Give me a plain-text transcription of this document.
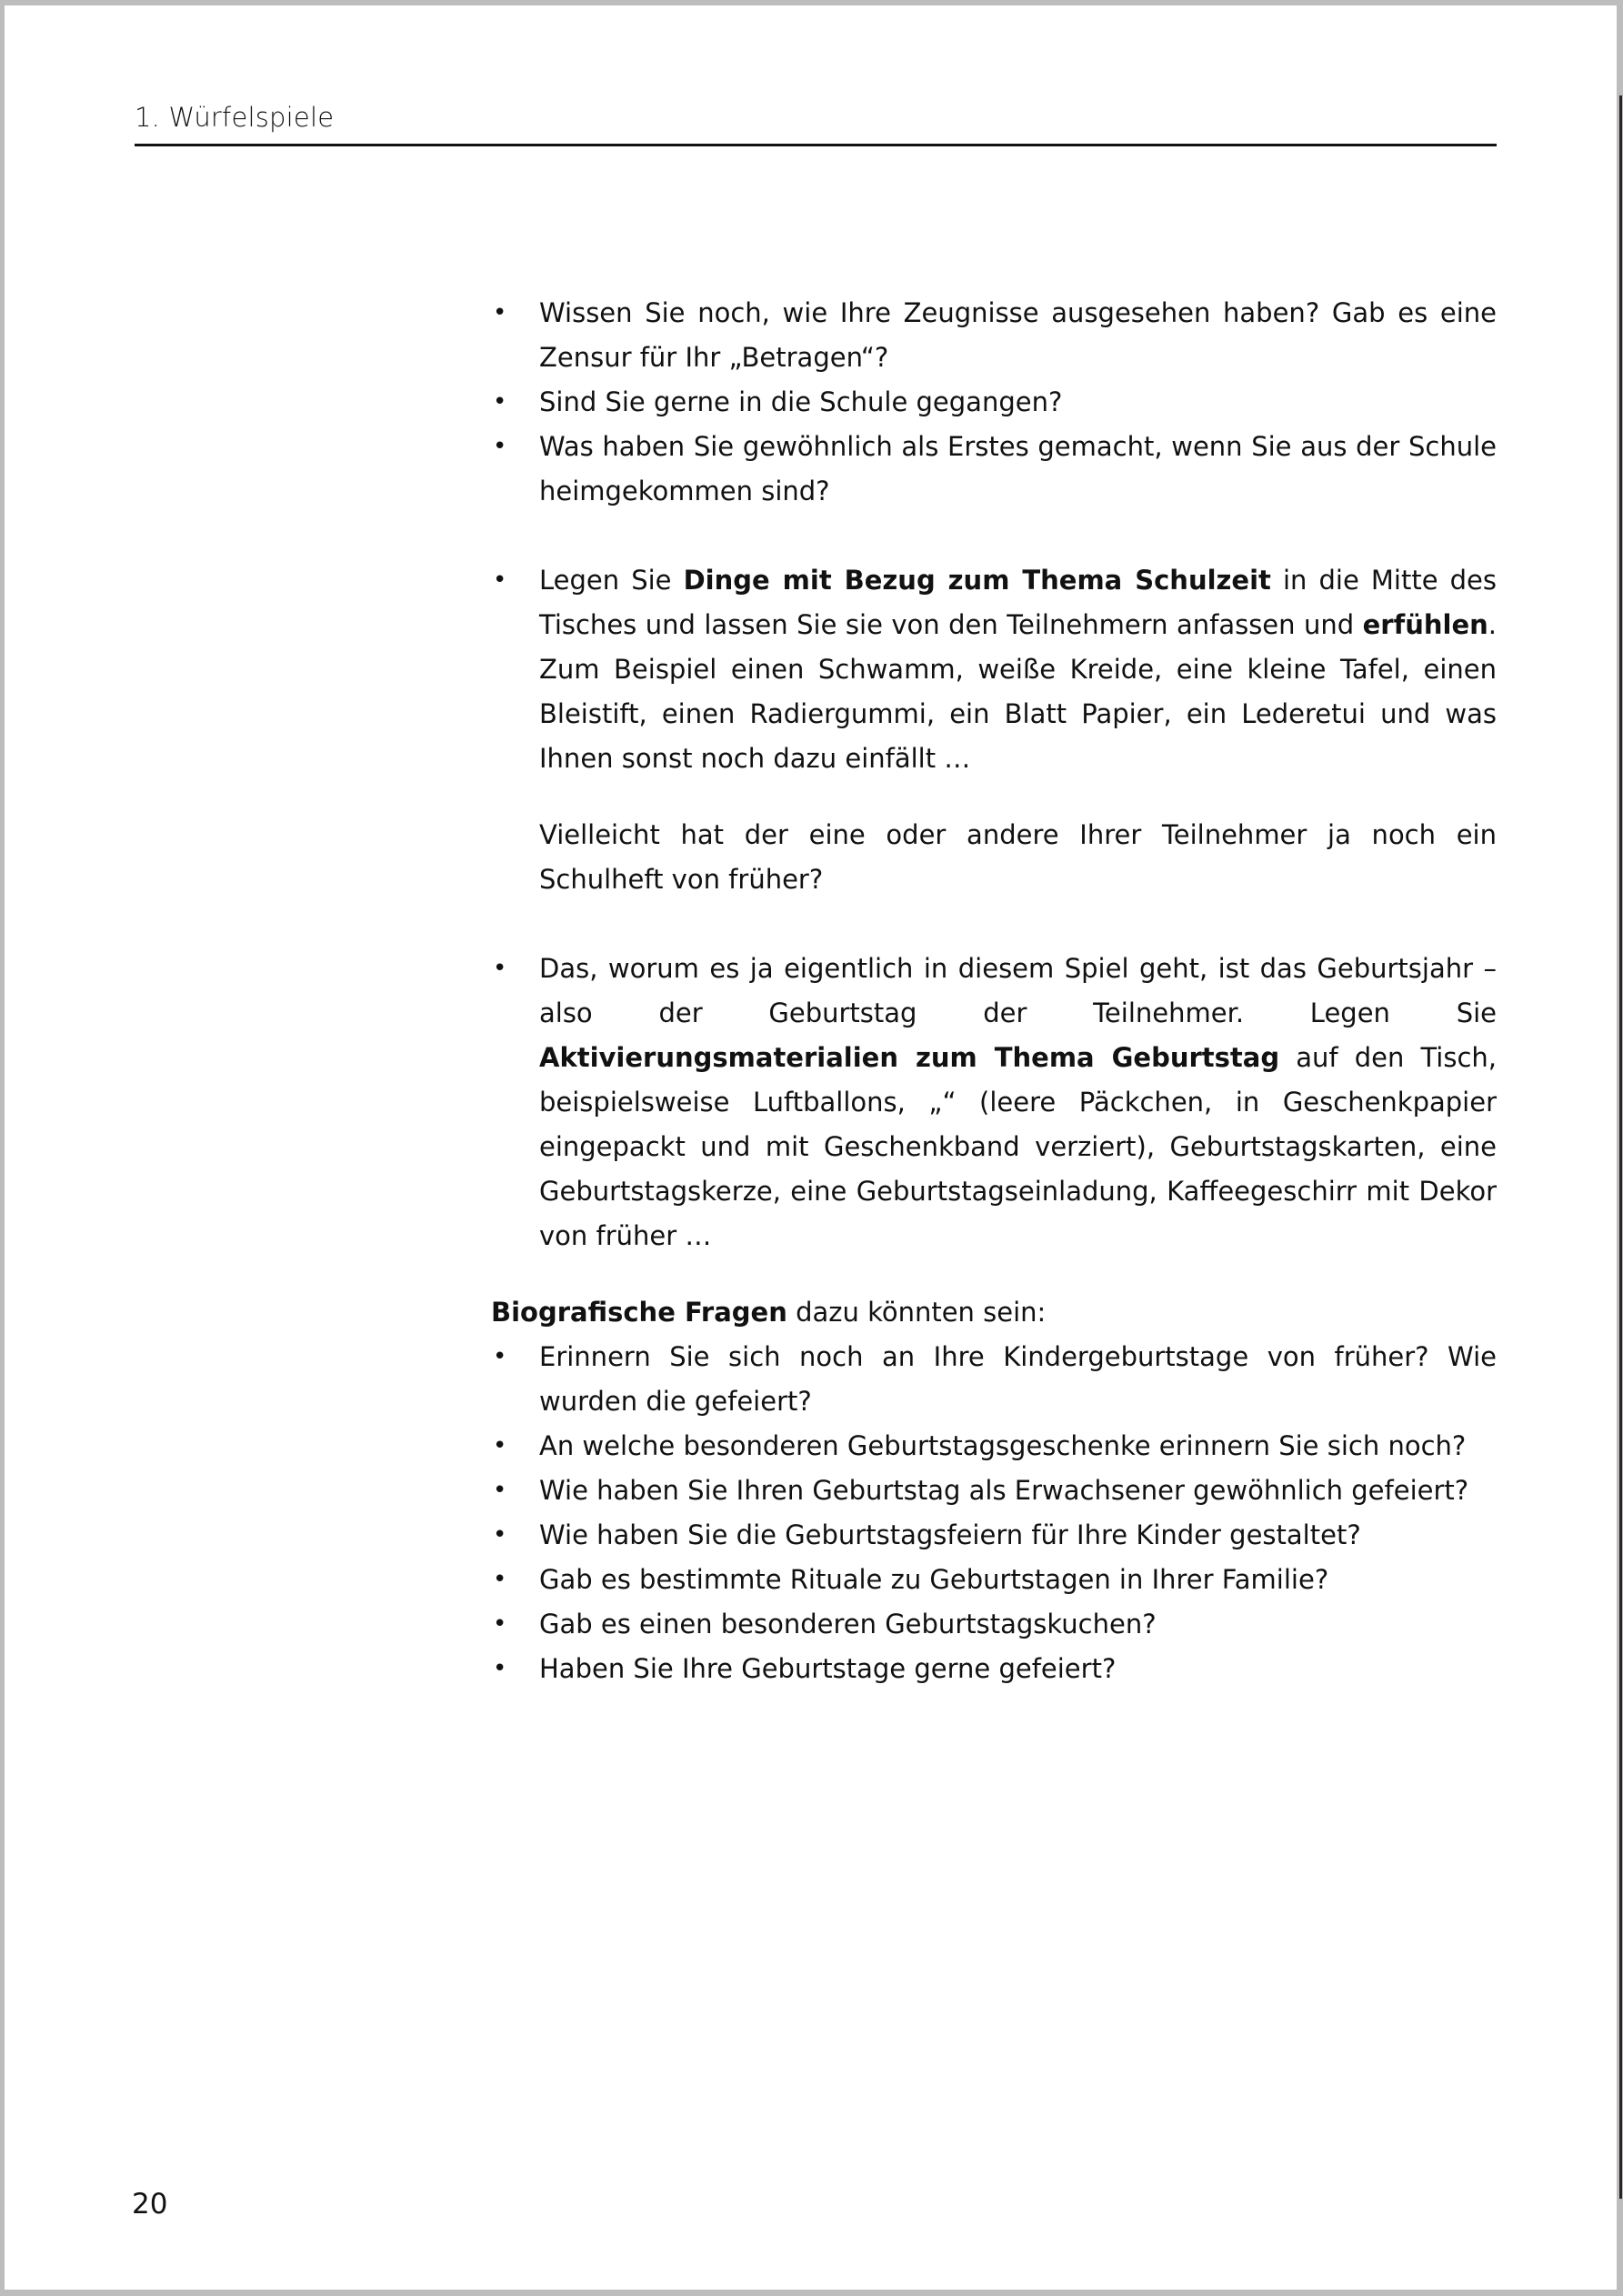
1. Würfelspiele
• Wissen Sie noch, wie Ihre Zeugnisse ausgesehen haben? Gab es eine Zensur für Ihr „Betragen“?
• Sind Sie gerne in die Schule gegangen?
• Was haben Sie gewöhnlich als Erstes gemacht, wenn Sie aus der Schule heimgekommen sind?
• Legen Sie Dinge mit Bezug zum Thema Schulzeit in die Mitte des Tisches und lassen Sie sie von den Teilnehmern anfassen und erfühlen. Zum Beispiel einen Schwamm, weiße Kreide, eine kleine Tafel, einen Bleistift, einen Radiergummi, ein Blatt Papier, ein Lederetui und was Ihnen sonst noch dazu einfällt …

Vielleicht hat der eine oder andere Ihrer Teilnehmer ja noch ein Schulheft von früher?

• Das, worum es ja eigentlich in diesem Spiel geht, ist das Geburtsjahr – also der Geburtstag der Teilnehmer. Legen Sie Aktivierungsmaterialien zum Thema Geburtstag auf den Tisch, beispielsweise Luftballons, „“ (leere Päckchen, in Geschenkpapier eingepackt und mit Geschenkband verziert), Geburtstagskarten, eine Geburtstagskerze, eine Geburtstagseinladung, Kaffeegeschirr mit Dekor von früher …

Biografische Fragen dazu könnten sein:

• Erinnern Sie sich noch an Ihre Kindergeburtstage von früher? Wie wurden die gefeiert?
• An welche besonderen Geburtstagsgeschenke erinnern Sie sich noch?
• Wie haben Sie Ihren Geburtstag als Erwachsener gewöhnlich gefeiert?
• Wie haben Sie die Geburtstagsfeiern für Ihre Kinder gestaltet?
• Gab es bestimmte Rituale zu Geburtstagen in Ihrer Familie?
• Gab es einen besonderen Geburtstagskuchen?
• Haben Sie Ihre Geburtstage gerne gefeiert?
20
